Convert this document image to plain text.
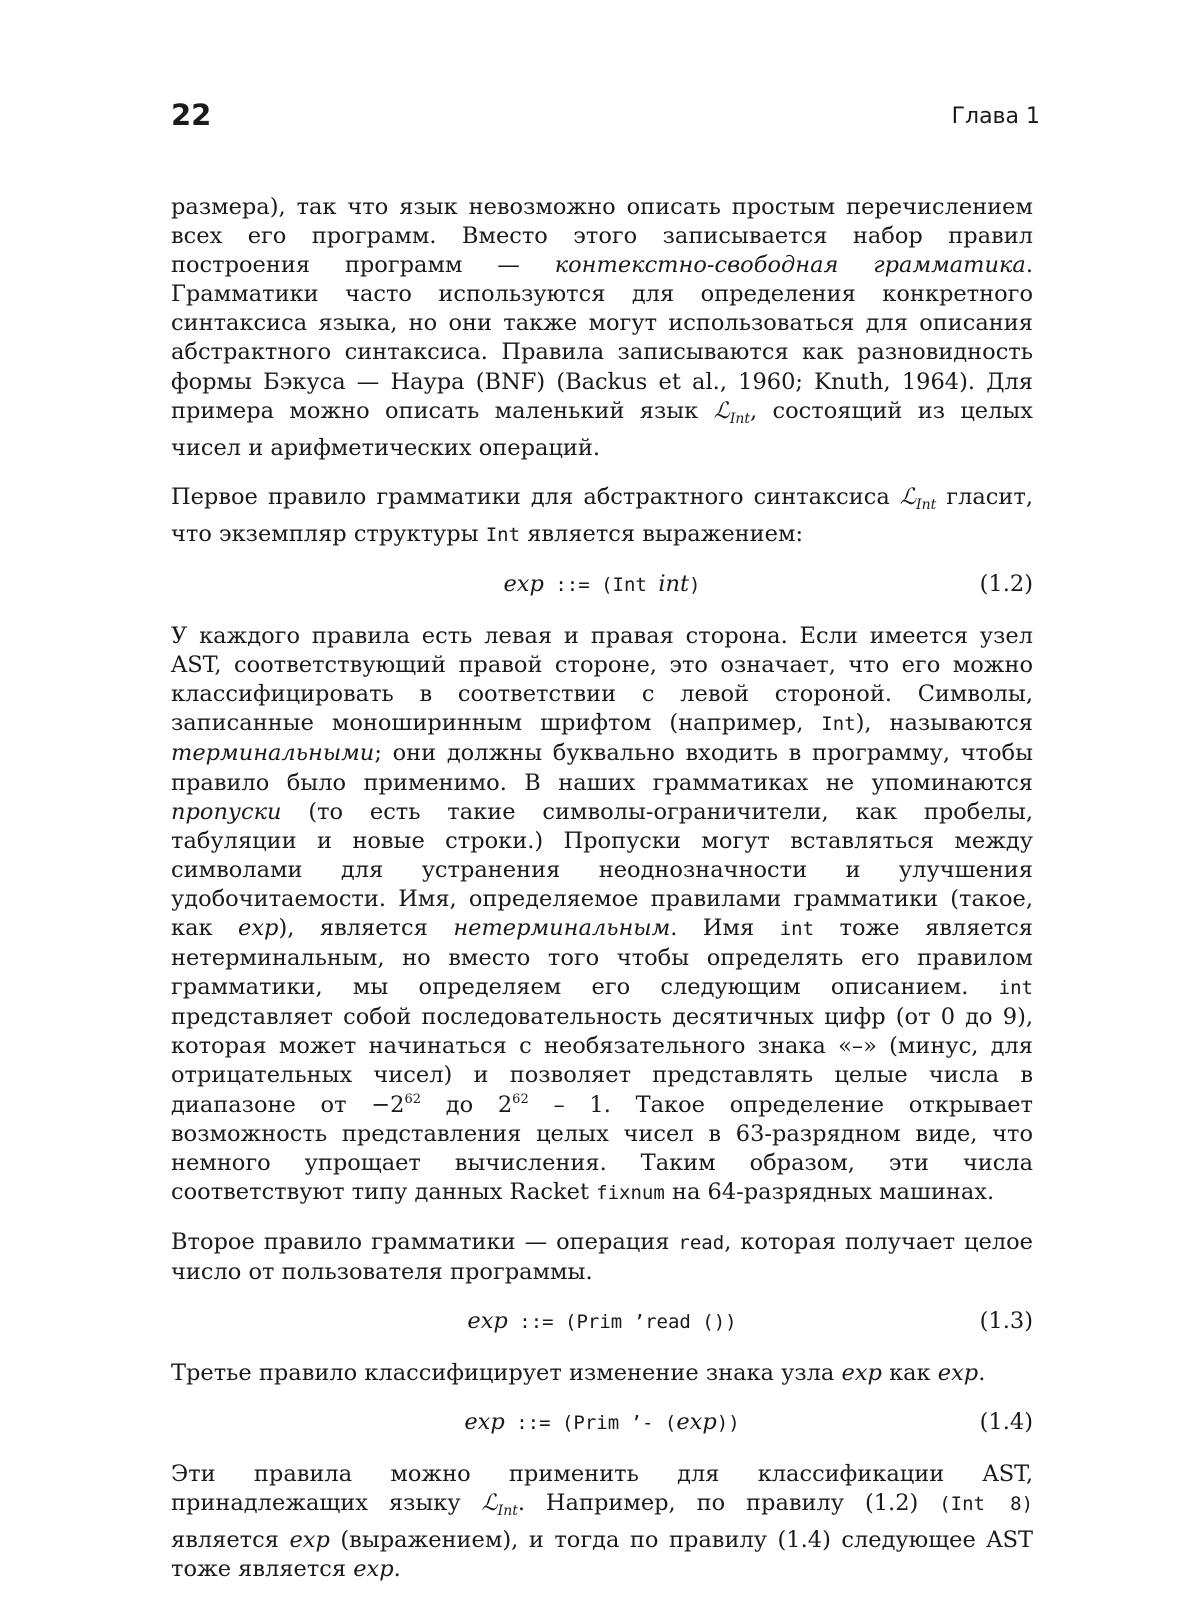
22	Глава 1

размера), так что язык невозможно описать простым перечислением всех его программ. Вместо этого записывается набор правил построения программ — контекстно-свободная грамматика. Грамматики часто используются для определения конкретного синтаксиса языка, но они также могут использоваться для описания абстрактного синтаксиса. Правила записываются как разновидность формы Бэкуса — Наура (BNF) (Backus et al., 1960; Knuth, 1964). Для примера можно описать маленький язык ℒ$_{Int}$, состоящий из целых чисел и арифметических операций.

Первое правило грамматики для абстрактного синтаксиса ℒ$_{Int}$ гласит, что экземпляр структуры Int является выражением:

exp ::= (Int int)	(1.2)

У каждого правила есть левая и правая сторона. Если имеется узел AST, соответствующий правой стороне, это означает, что его можно классифицировать в соответствии с левой стороной. Символы, записанные моноширинным шрифтом (например, Int), называются терминальными; они должны буквально входить в программу, чтобы правило было применимо. В наших грамматиках не упоминаются пропуски (то есть такие символы-ограничители, как пробелы, табуляции и новые строки.) Пропуски могут вставляться между символами для устранения неоднозначности и улучшения удобочитаемости. Имя, определяемое правилами грамматики (такое, как exp), является нетерминальным. Имя int тоже является нетерминальным, но вместо того чтобы определять его правилом грамматики, мы определяем его следующим описанием. int представляет собой последовательность десятичных цифр (от 0 до 9), которая может начинаться с необязательного знака «–» (минус, для отрицательных чисел) и позволяет представлять целые числа в диапазоне от $-2^{62}$ до $2^{62} - 1$. Такое определение открывает возможность представления целых чисел в 63-разрядном виде, что немного упрощает вычисления. Таким образом, эти числа соответствуют типу данных Racket fixnum на 64-разрядных машинах.

Второе правило грамматики — операция read, которая получает целое число от пользователя программы.

exp ::= (Prim ’read ())	(1.3)

Третье правило классифицирует изменение знака узла exp как exp.

exp ::= (Prim ’- (exp))	(1.4)

Эти правила можно применить для классификации AST, принадлежащих языку ℒ$_{Int}$. Например, по правилу (1.2) (Int 8) является exp (выражением), и тогда по правилу (1.4) следующее AST тоже является exp.
